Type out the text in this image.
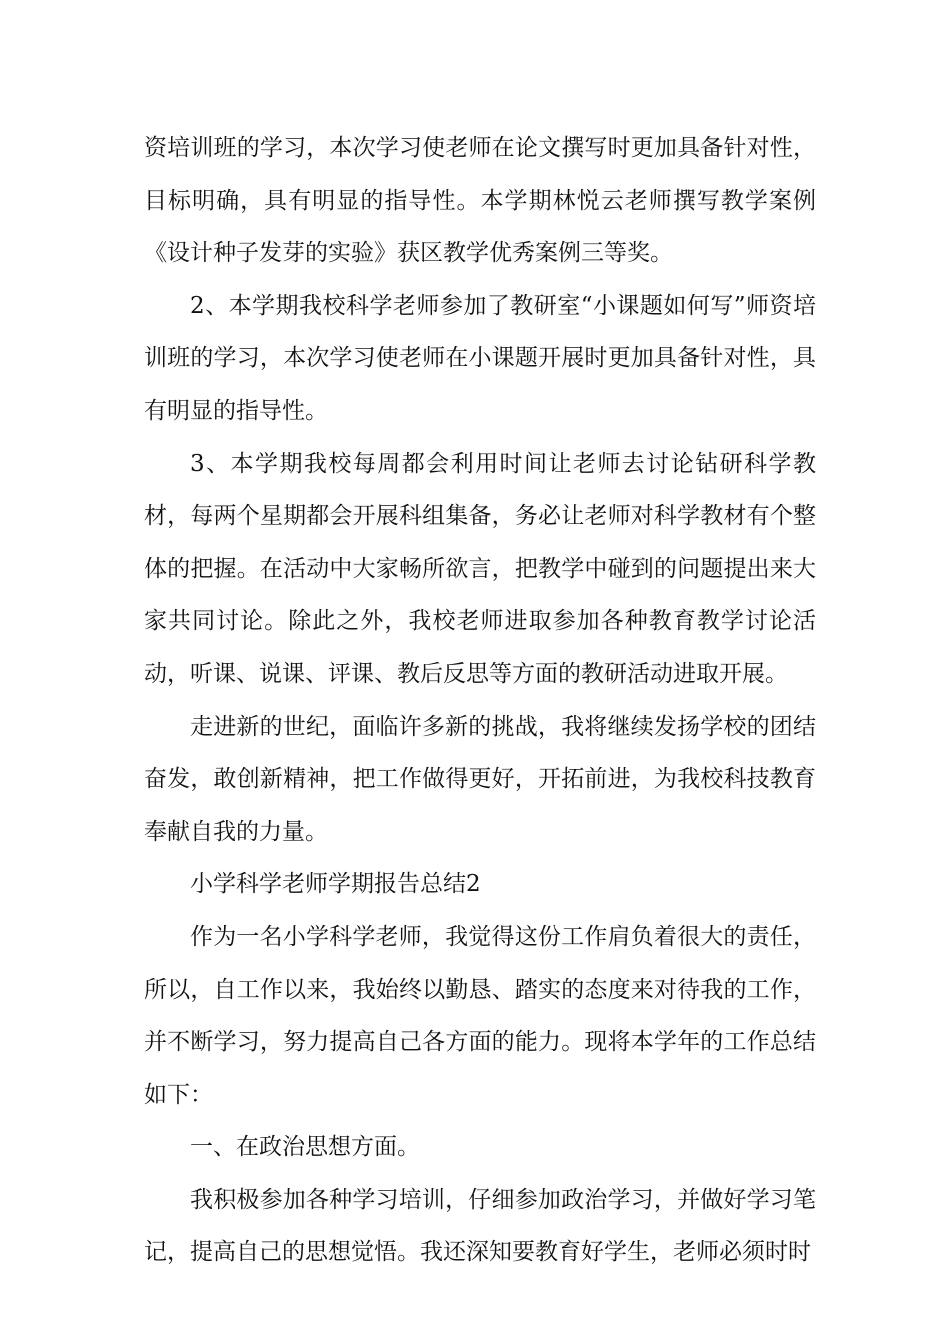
资培训班的学习，本次学习使老师在论文撰写时更加具备针对性，目标明确，具有明显的指导性。本学期林悦云老师撰写教学案例《设计种子发芽的实验》获区教学优秀案例三等奖。

2、本学期我校科学老师参加了教研室“小课题如何写”师资培训班的学习，本次学习使老师在小课题开展时更加具备针对性，具有明显的指导性。

3、本学期我校每周都会利用时间让老师去讨论钻研科学教材，每两个星期都会开展科组集备，务必让老师对科学教材有个整体的把握。在活动中大家畅所欲言，把教学中碰到的问题提出来大家共同讨论。除此之外，我校老师进取参加各种教育教学讨论活动，听课、说课、评课、教后反思等方面的教研活动进取开展。

走进新的世纪，面临许多新的挑战，我将继续发扬学校的团结奋发，敢创新精神，把工作做得更好，开拓前进，为我校科技教育奉献自我的力量。

小学科学老师学期报告总结2

作为一名小学科学老师，我觉得这份工作肩负着很大的责任，所以，自工作以来，我始终以勤恳、踏实的态度来对待我的工作，并不断学习，努力提高自己各方面的能力。现将本学年的工作总结如下：

一、在政治思想方面。

我积极参加各种学习培训，仔细参加政治学习，并做好学习笔记，提高自己的思想觉悟。我还深知要教育好学生，老师必须时时
